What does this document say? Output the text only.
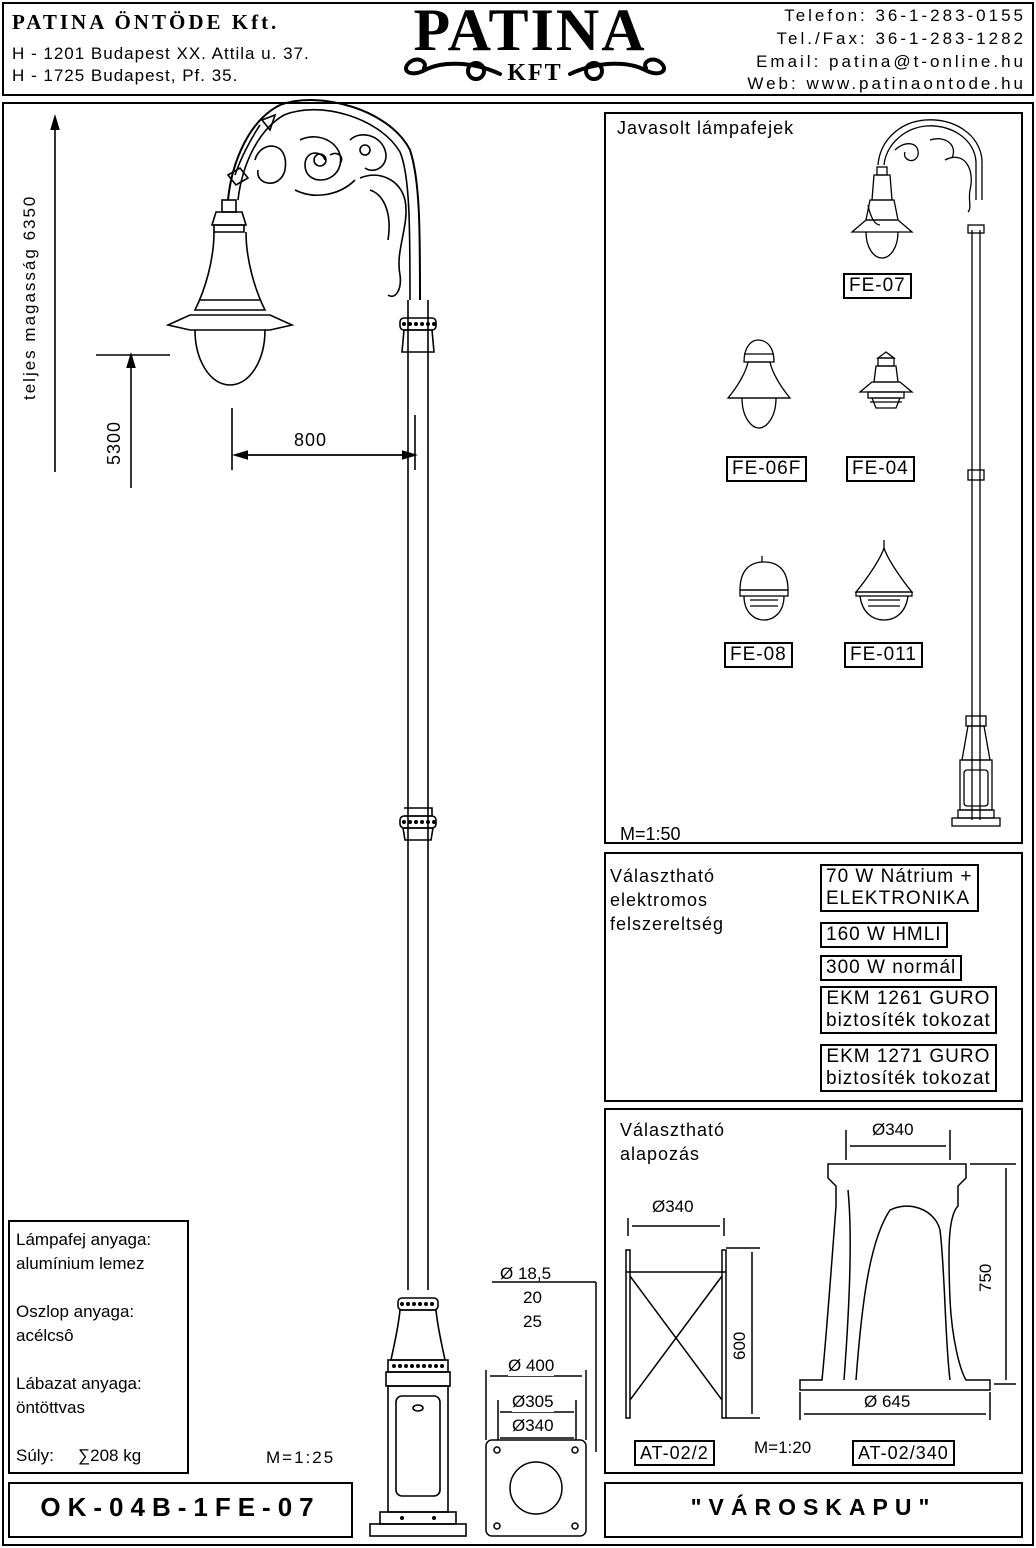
PATINA ÖNTÖDE Kft.
H - 1201 Budapest XX. Attila u. 37.
H - 1725 Budapest, Pf. 35.
PATINA
KFT
Telefon: 36-1-283-0155
Tel./Fax: 36-1-283-1282
Email: patina@t-online.hu
Web: www.patinaontode.hu
teljes magasság 6350
5300	800
Lámpafej anyaga:
alumínium lemez
Oszlop anyaga:
acélcsô
Lábazat anyaga:
öntöttvas
Súly: ∑208 kg	M=1:25
Ø 18,5
20
25
Ø 400
Ø305
Ø340
OK-04B-1FE-07
Javasolt lámpafejek
M=1:50
FE-07
FE-06F	FE-04
FE-08	FE-011
Választható
elektromos
felszereltség
70 W Nátrium +
ELEKTRONIKA
160 W HMLI
300 W normál
EKM 1261 GURO
biztosíték tokozat
EKM 1271 GURO
biztosíték tokozat
Választható
alapozás
Ø340
600
Ø340
750
Ø 645
M=1:20
AT-02/2	AT-02/340
"VÁROSKAPU"
